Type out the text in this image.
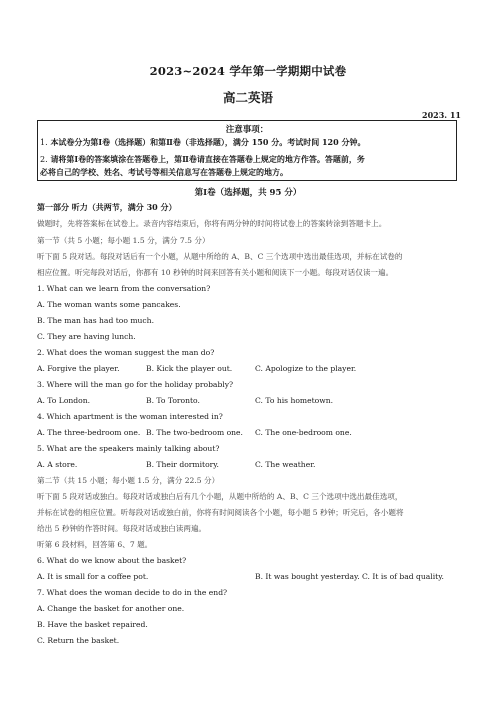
2023~2024 学年第一学期期中试卷
高二英语
2023. 11
注意事项：
1. 本试卷分为第Ⅰ卷（选择题）和第Ⅱ卷（非选择题），满分 150 分。考试时间 120 分钟。
2. 请将第Ⅰ卷的答案填涂在答题卷上，第Ⅱ卷请直接在答题卷上规定的地方作答。答题前，务
必将自己的学校、姓名、考试号等相关信息写在答题卷上规定的地方。
第Ⅰ卷（选择题，共 95 分）
第一部分 听力（共两节，满分 30 分）
做题时，先将答案标在试卷上。录音内容结束后，你将有两分钟的时间将试卷上的答案转涂到答题卡上。
第一节（共 5 小题；每小题 1.5 分，满分 7.5 分）
听下面 5 段对话。每段对话后有一个小题，从题中所给的 A、B、C 三个选项中选出最佳选项，并标在试卷的
相应位置。听完每段对话后，你都有 10 秒钟的时间来回答有关小题和阅读下一小题。每段对话仅读一遍。
1. What can we learn from the conversation?
A. The woman wants some pancakes.
B. The man has had too much.
C. They are having lunch.
2. What does the woman suggest the man do?
A. Forgive the player.	B. Kick the player out.	C. Apologize to the player.
3. Where will the man go for the holiday probably?
A. To London.	B. To Toronto.	C. To his hometown.
4. Which apartment is the woman interested in?
A. The three-bedroom one. B. The two-bedroom one. C. The one-bedroom one.
5. What are the speakers mainly talking about?
A. A store.	B. Their dormitory.	C. The weather.
第二节（共 15 小题；每小题 1.5 分，满分 22.5 分）
听下面 5 段对话或独白。每段对话或独白后有几个小题，从题中所给的 A、B、C 三个选项中选出最佳选项，
并标在试卷的相应位置。听每段对话或独白前，你将有时间阅读各个小题，每小题 5 秒钟；听完后，各小题将
给出 5 秒钟的作答时间。每段对话或独白读两遍。
听第 6 段材料，回答第 6、7 题。
6. What do we know about the basket?
A. It is small for a coffee pot.	B. It was bought yesterday. C. It is of bad quality.
7. What does the woman decide to do in the end?
A. Change the basket for another one.
B. Have the basket repaired.
C. Return the basket.
